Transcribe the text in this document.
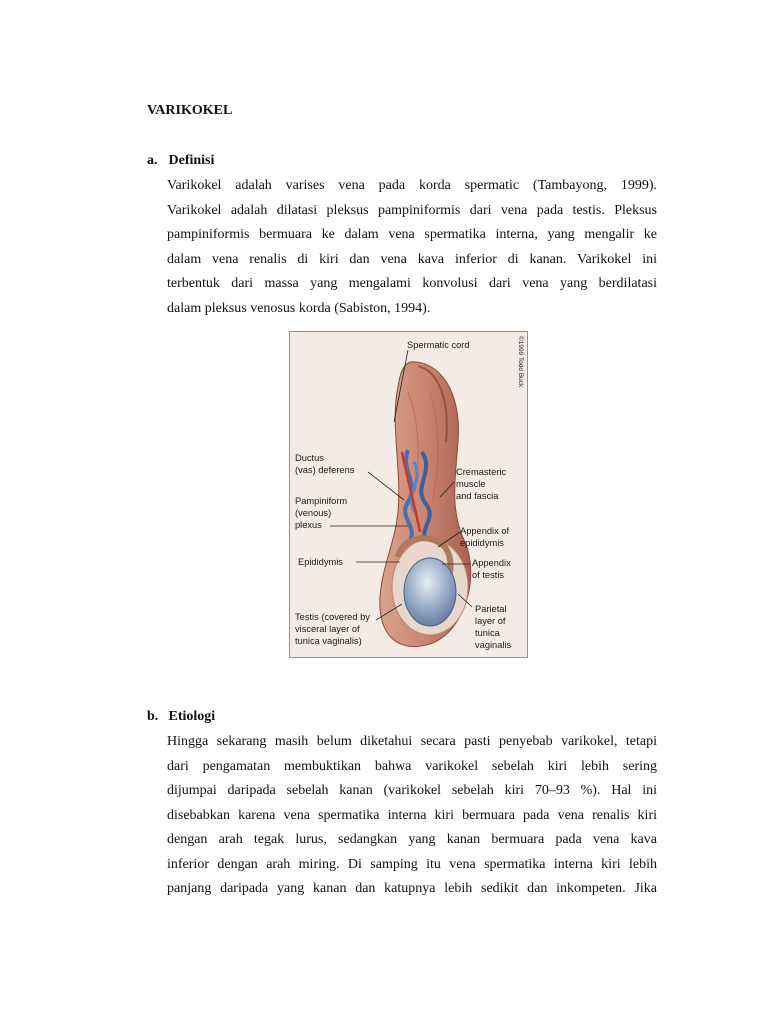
VARIKOKEL
a. Definisi
Varikokel adalah varises vena pada korda spermatic (Tambayong, 1999).
Varikokel adalah dilatasi pleksus pampiniformis dari vena pada testis. Pleksus
pampiniformis bermuara ke dalam vena spermatika interna, yang mengalir ke
dalam vena renalis di kiri dan vena kava inferior di kanan. Varikokel ini
terbentuk dari massa yang mengalami konvolusi dari vena yang berdilatasi
dalam pleksus venosus korda (Sabiston, 1994).
Spermatic cord
Ductus
(vas) deferens	Cremasteric
muscle
and fascia
Pampiniform
(venous)
plexus
Appendix of
epididymis
Epididymis	Appendix
of testis
Parietal
layer of
tunica
vaginalis
Testis (covered by
visceral layer of
tunica vaginalis)
©1999 Todd Buck
b. Etiologi
Hingga sekarang masih belum diketahui secara pasti penyebab varikokel, tetapi
dari pengamatan membuktikan bahwa varikokel sebelah kiri lebih sering
dijumpai daripada sebelah kanan (varikokel sebelah kiri 70–93 %). Hal ini
disebabkan karena vena spermatika interna kiri bermuara pada vena renalis kiri
dengan arah tegak lurus, sedangkan yang kanan bermuara pada vena kava
inferior dengan arah miring. Di samping itu vena spermatika interna kiri lebih
panjang daripada yang kanan dan katupnya lebih sedikit dan inkompeten. Jika
